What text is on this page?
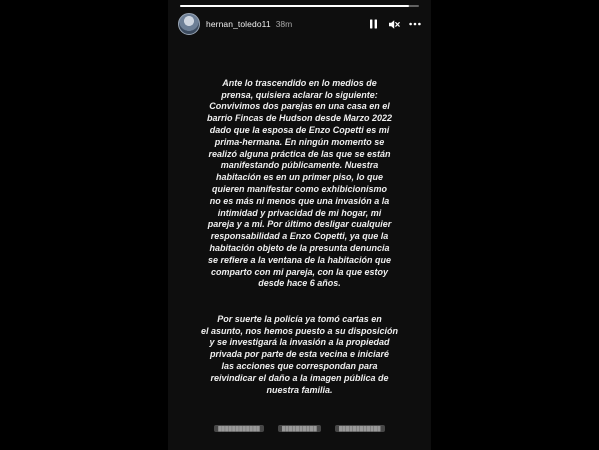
hernan_toledo11 38m

Ante lo trascendido en lo medios de
prensa, quisiera aclarar lo siguiente:
Convivimos dos parejas en una casa en el
barrio Fincas de Hudson desde Marzo 2022
dado que la esposa de Enzo Copetti es mi
prima-hermana. En ningún momento se
realizó alguna práctica de las que se están
manifestando públicamente. Nuestra
habitación es en un primer piso, lo que
quieren manifestar como exhibicionismo
no es más ni menos que una invasión a la
intimidad y privacidad de mi hogar, mi
pareja y a mi. Por último desligar cualquier
responsabilidad a Enzo Copetti, ya que la
habitación objeto de la presunta denuncia
se refiere a la ventana de la habitación que
comparto con mi pareja, con la que estoy
desde hace 6 años.

Por suerte la policía ya tomó cartas en
el asunto, nos hemos puesto a su disposición
y se investigará la invasión a la propiedad
privada por parte de esta vecina e iniciaré
las acciones que correspondan para
reivindicar el daño a la imagen pública de
nuestra familia.

████████████	██████████	████████████
